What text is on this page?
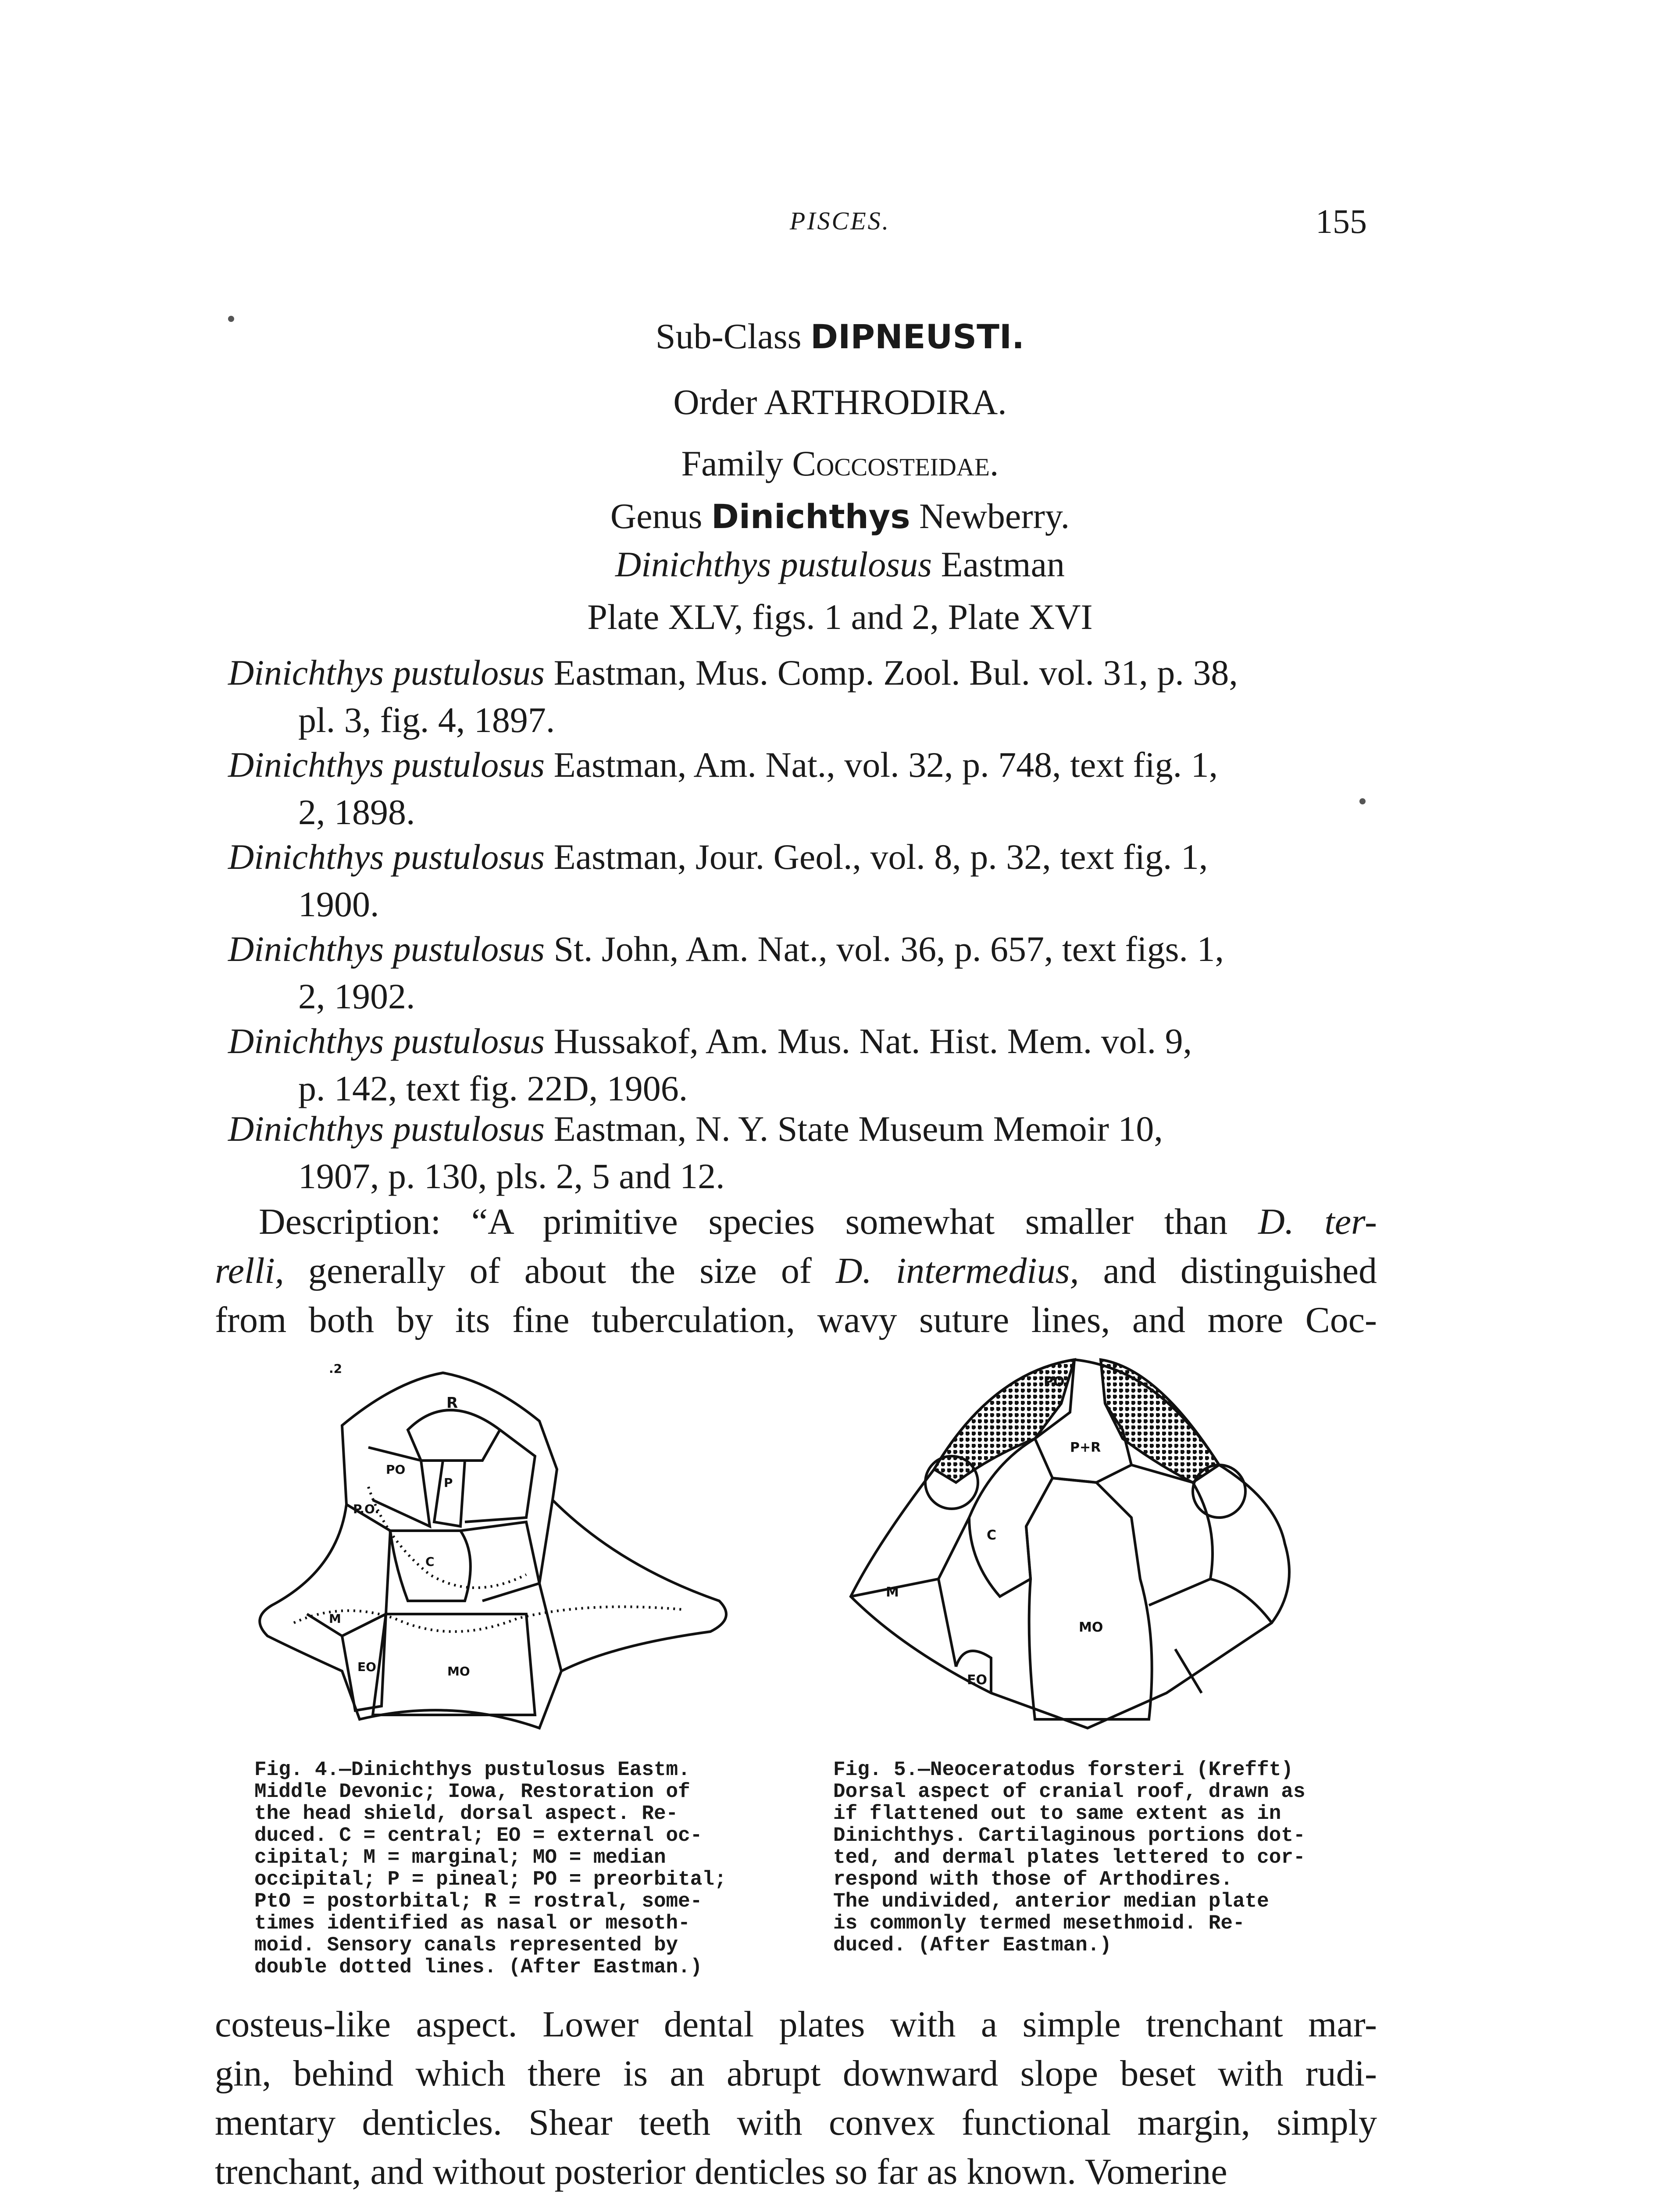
PISCES.	155
Sub-Class DIPNEUSTI.
Order ARTHRODIRA.
Family Coccosteidae.
Genus Dinichthys Newberry.
Dinichthys pustulosus Eastman
Plate XLV, figs. 1 and 2, Plate XVI
Dinichthys pustulosus Eastman, Mus. Comp. Zool. Bul. vol. 31, p. 38,
pl. 3, fig. 4, 1897.
Dinichthys pustulosus Eastman, Am. Nat., vol. 32, p. 748, text fig. 1,
2, 1898.
Dinichthys pustulosus Eastman, Jour. Geol., vol. 8, p. 32, text fig. 1,
1900.
Dinichthys pustulosus St. John, Am. Nat., vol. 36, p. 657, text figs. 1,
2, 1902.
Dinichthys pustulosus Hussakof, Am. Mus. Nat. Hist. Mem. vol. 9,
p. 142, text fig. 22D, 1906.
Dinichthys pustulosus Eastman, N. Y. State Museum Memoir 10,
1907, p. 130, pls. 2, 5 and 12.
Description: “A primitive species somewhat smaller than D. ter-
relli, generally of about the size of D. intermedius, and distinguished
from both by its fine tuberculation, wavy suture lines, and more Coc-
R
PO
P
P.O.
C
M
EO	MO
.2
PO
P+R
C
M
EO
MO
Fig. 4.—Dinichthys pustulosus Eastm.
Middle Devonic; Iowa, Restoration of
the head shield, dorsal aspect. Re-
duced. C = central; EO = external oc-
cipital; M = marginal; MO = median
occipital; P = pineal; PO = preorbital;
PtO = postorbital; R = rostral, some-
times identified as nasal or mesoth-
moid. Sensory canals represented by
double dotted lines. (After Eastman.)
Fig. 5.—Neoceratodus forsteri (Krefft)
Dorsal aspect of cranial roof, drawn as
if flattened out to same extent as in
Dinichthys. Cartilaginous portions dot-
ted, and dermal plates lettered to cor-
respond with those of Arthodires.
The undivided, anterior median plate
is commonly termed mesethmoid. Re-
duced. (After Eastman.)
costeus-like aspect. Lower dental plates with a simple trenchant mar-
gin, behind which there is an abrupt downward slope beset with rudi-
mentary denticles. Shear teeth with convex functional margin, simply
trenchant, and without posterior denticles so far as known. Vomerine
